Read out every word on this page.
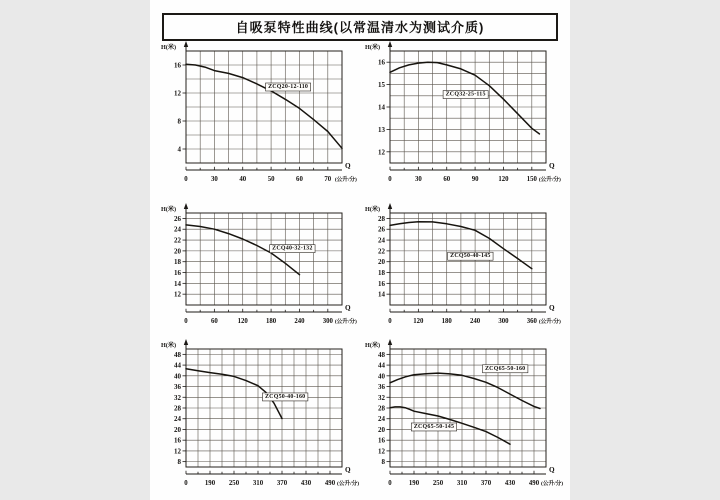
自吸泵特性曲线(以常温清水为测试介质)
H(米)
4
8
12
16
0	30	40	50	60	70 (公升/分)
Q
ZCQ20-12-110
H(米)
12
13
14
15
16
0	30	60	90	120	150 (公升/分)
Q
ZCQ32-25-115
H(米)
12
14
16
18
20
22
24
26
0	60	120	180	240	300 (公升/分)
Q
ZCQ40-32-132
H(米)
14
16
18
20
22
24
26
28
0	120	180	240	300	360 (公升/分)
Q
ZCQ50-40-145
H(米)
8
12
16
20
24
28
32
36
40
44
48
0	190 250 310 370 430 490 (公升/分)
Q
ZCQ50-40-160
H(米)
8
12
16
20
24
28
32
36
40
44
48
0	190 250 310 370 430 490 (公升/分)
Q
ZCQ65-50-160
ZCQ65-50-145
